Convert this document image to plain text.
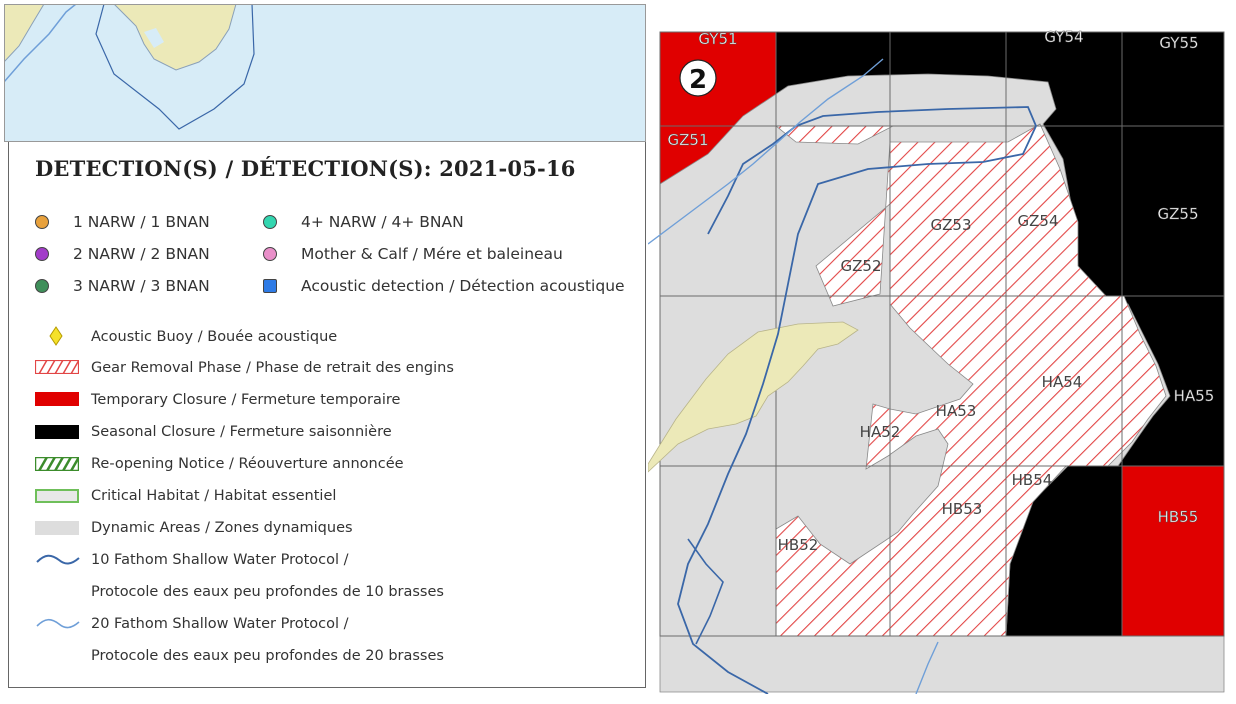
DETECTION(S) / DÉTECTION(S): 2021-05-16
1 NARW / 1 BNAN
2 NARW / 2 BNAN
3 NARW / 3 BNAN
4+ NARW / 4+ BNAN
Mother & Calf / Mére et baleineau
Acoustic detection / Détection acoustique
Acoustic Buoy / Bouée acoustique
Gear Removal Phase / Phase de retrait des engins
Temporary Closure / Fermeture temporaire
Seasonal Closure / Fermeture saisonnière
Re-opening Notice / Réouverture annoncée
Critical Habitat / Habitat essentiel
Dynamic Areas / Zones dynamiques
10 Fathom Shallow Water Protocol /
Protocole des eaux peu profondes de 10 brasses
20 Fathom Shallow Water Protocol /
Protocole des eaux peu profondes de 20 brasses
GY51	GY54	GY55
GZ51
GZ52
GZ53	GZ54	GZ55
HA52
HA53
HA54
HA55
HB52
HB53
HB54
HB55
2
